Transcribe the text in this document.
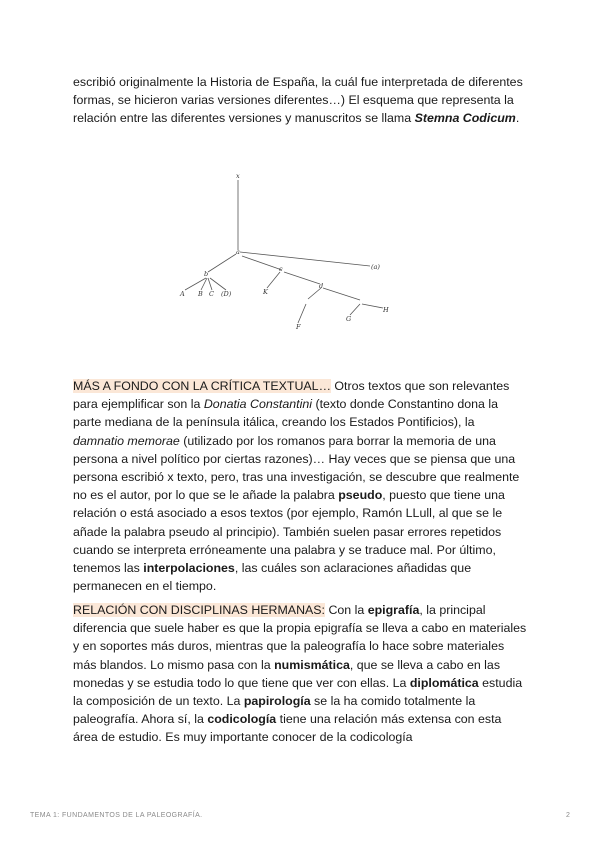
escribió originalmente la Historia de España, la cuál fue interpretada de diferentes formas, se hicieron varias versiones diferentes…) El esquema que representa la relación entre las diferentes versiones y manuscritos se llama Stemna Codicum.
x
a
(a)
A B C (D)	K
b
c
d
H
G
F
MÁS A FONDO CON LA CRÍTICA TEXTUAL… Otros textos que son relevantes para ejemplificar son la Donatia Constantini (texto donde Constantino dona la parte mediana de la península itálica, creando los Estados Pontificios), la damnatio memorae (utilizado por los romanos para borrar la memoria de una persona a nivel político por ciertas razones)… Hay veces que se piensa que una persona escribió x texto, pero, tras una investigación, se descubre que realmente no es el autor, por lo que se le añade la palabra pseudo, puesto que tiene una relación o está asociado a esos textos (por ejemplo, Ramón LLull, al que se le añade la palabra pseudo al principio). También suelen pasar errores repetidos cuando se interpreta erróneamente una palabra y se traduce mal. Por último, tenemos las interpolaciones, las cuáles son aclaraciones añadidas que permanecen en el tiempo.
RELACIÓN CON DISCIPLINAS HERMANAS: Con la epigrafía, la principal diferencia que suele haber es que la propia epigrafía se lleva a cabo en materiales y en soportes más duros, mientras que la paleografía lo hace sobre materiales más blandos. Lo mismo pasa con la numismática, que se lleva a cabo en las monedas y se estudia todo lo que tiene que ver con ellas. La diplomática estudia la composición de un texto. La papirología se la ha comido totalmente la paleografía. Ahora sí, la codicología tiene una relación más extensa con esta área de estudio. Es muy importante conocer de la codicología
TEMA 1: FUNDAMENTOS DE LA PALEOGRAFÍA.	2
